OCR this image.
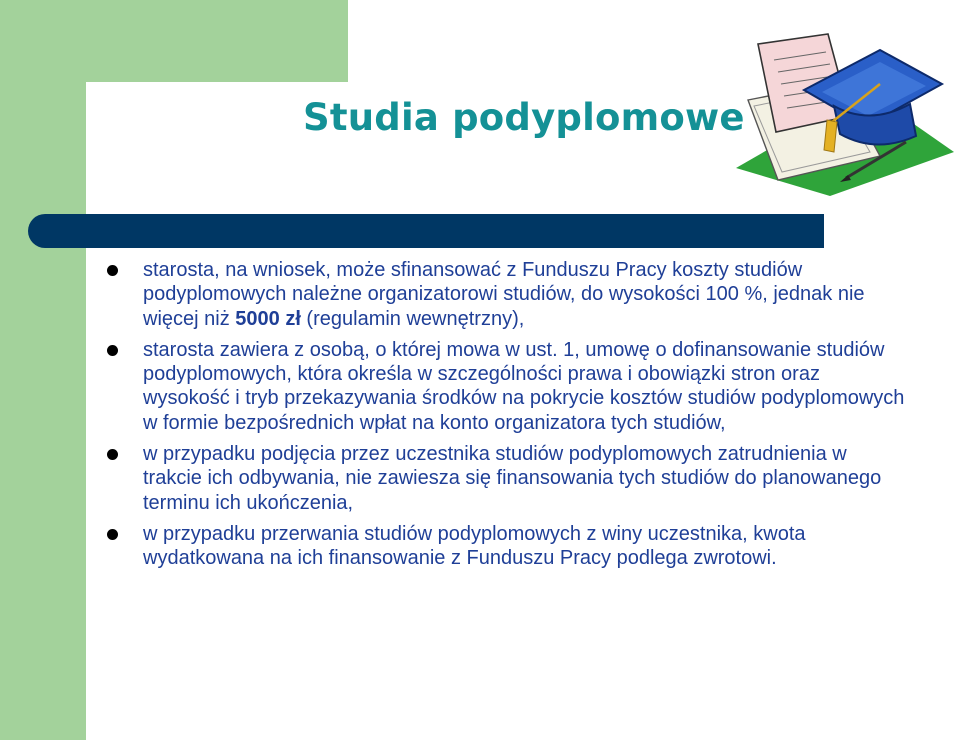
Studia podyplomowe
starosta, na wniosek, może sfinansować z Funduszu Pracy koszty studiów podyplomowych należne organizatorowi studiów, do wysokości 100 %, jednak nie więcej niż 5000 zł (regulamin wewnętrzny),
starosta zawiera z osobą, o której mowa w ust. 1, umowę o dofinansowanie studiów podyplomowych, która określa w szczególności prawa i obowiązki stron oraz wysokość i tryb przekazywania środków na pokrycie kosztów studiów podyplomowych w formie bezpośrednich wpłat na konto organizatora tych studiów,
w przypadku podjęcia przez uczestnika studiów podyplomowych zatrudnienia w trakcie ich odbywania, nie zawiesza się finansowania tych studiów do planowanego terminu ich ukończenia,
w przypadku przerwania studiów podyplomowych z winy uczestnika, kwota wydatkowana na ich finansowanie z Funduszu Pracy podlega zwrotowi.
